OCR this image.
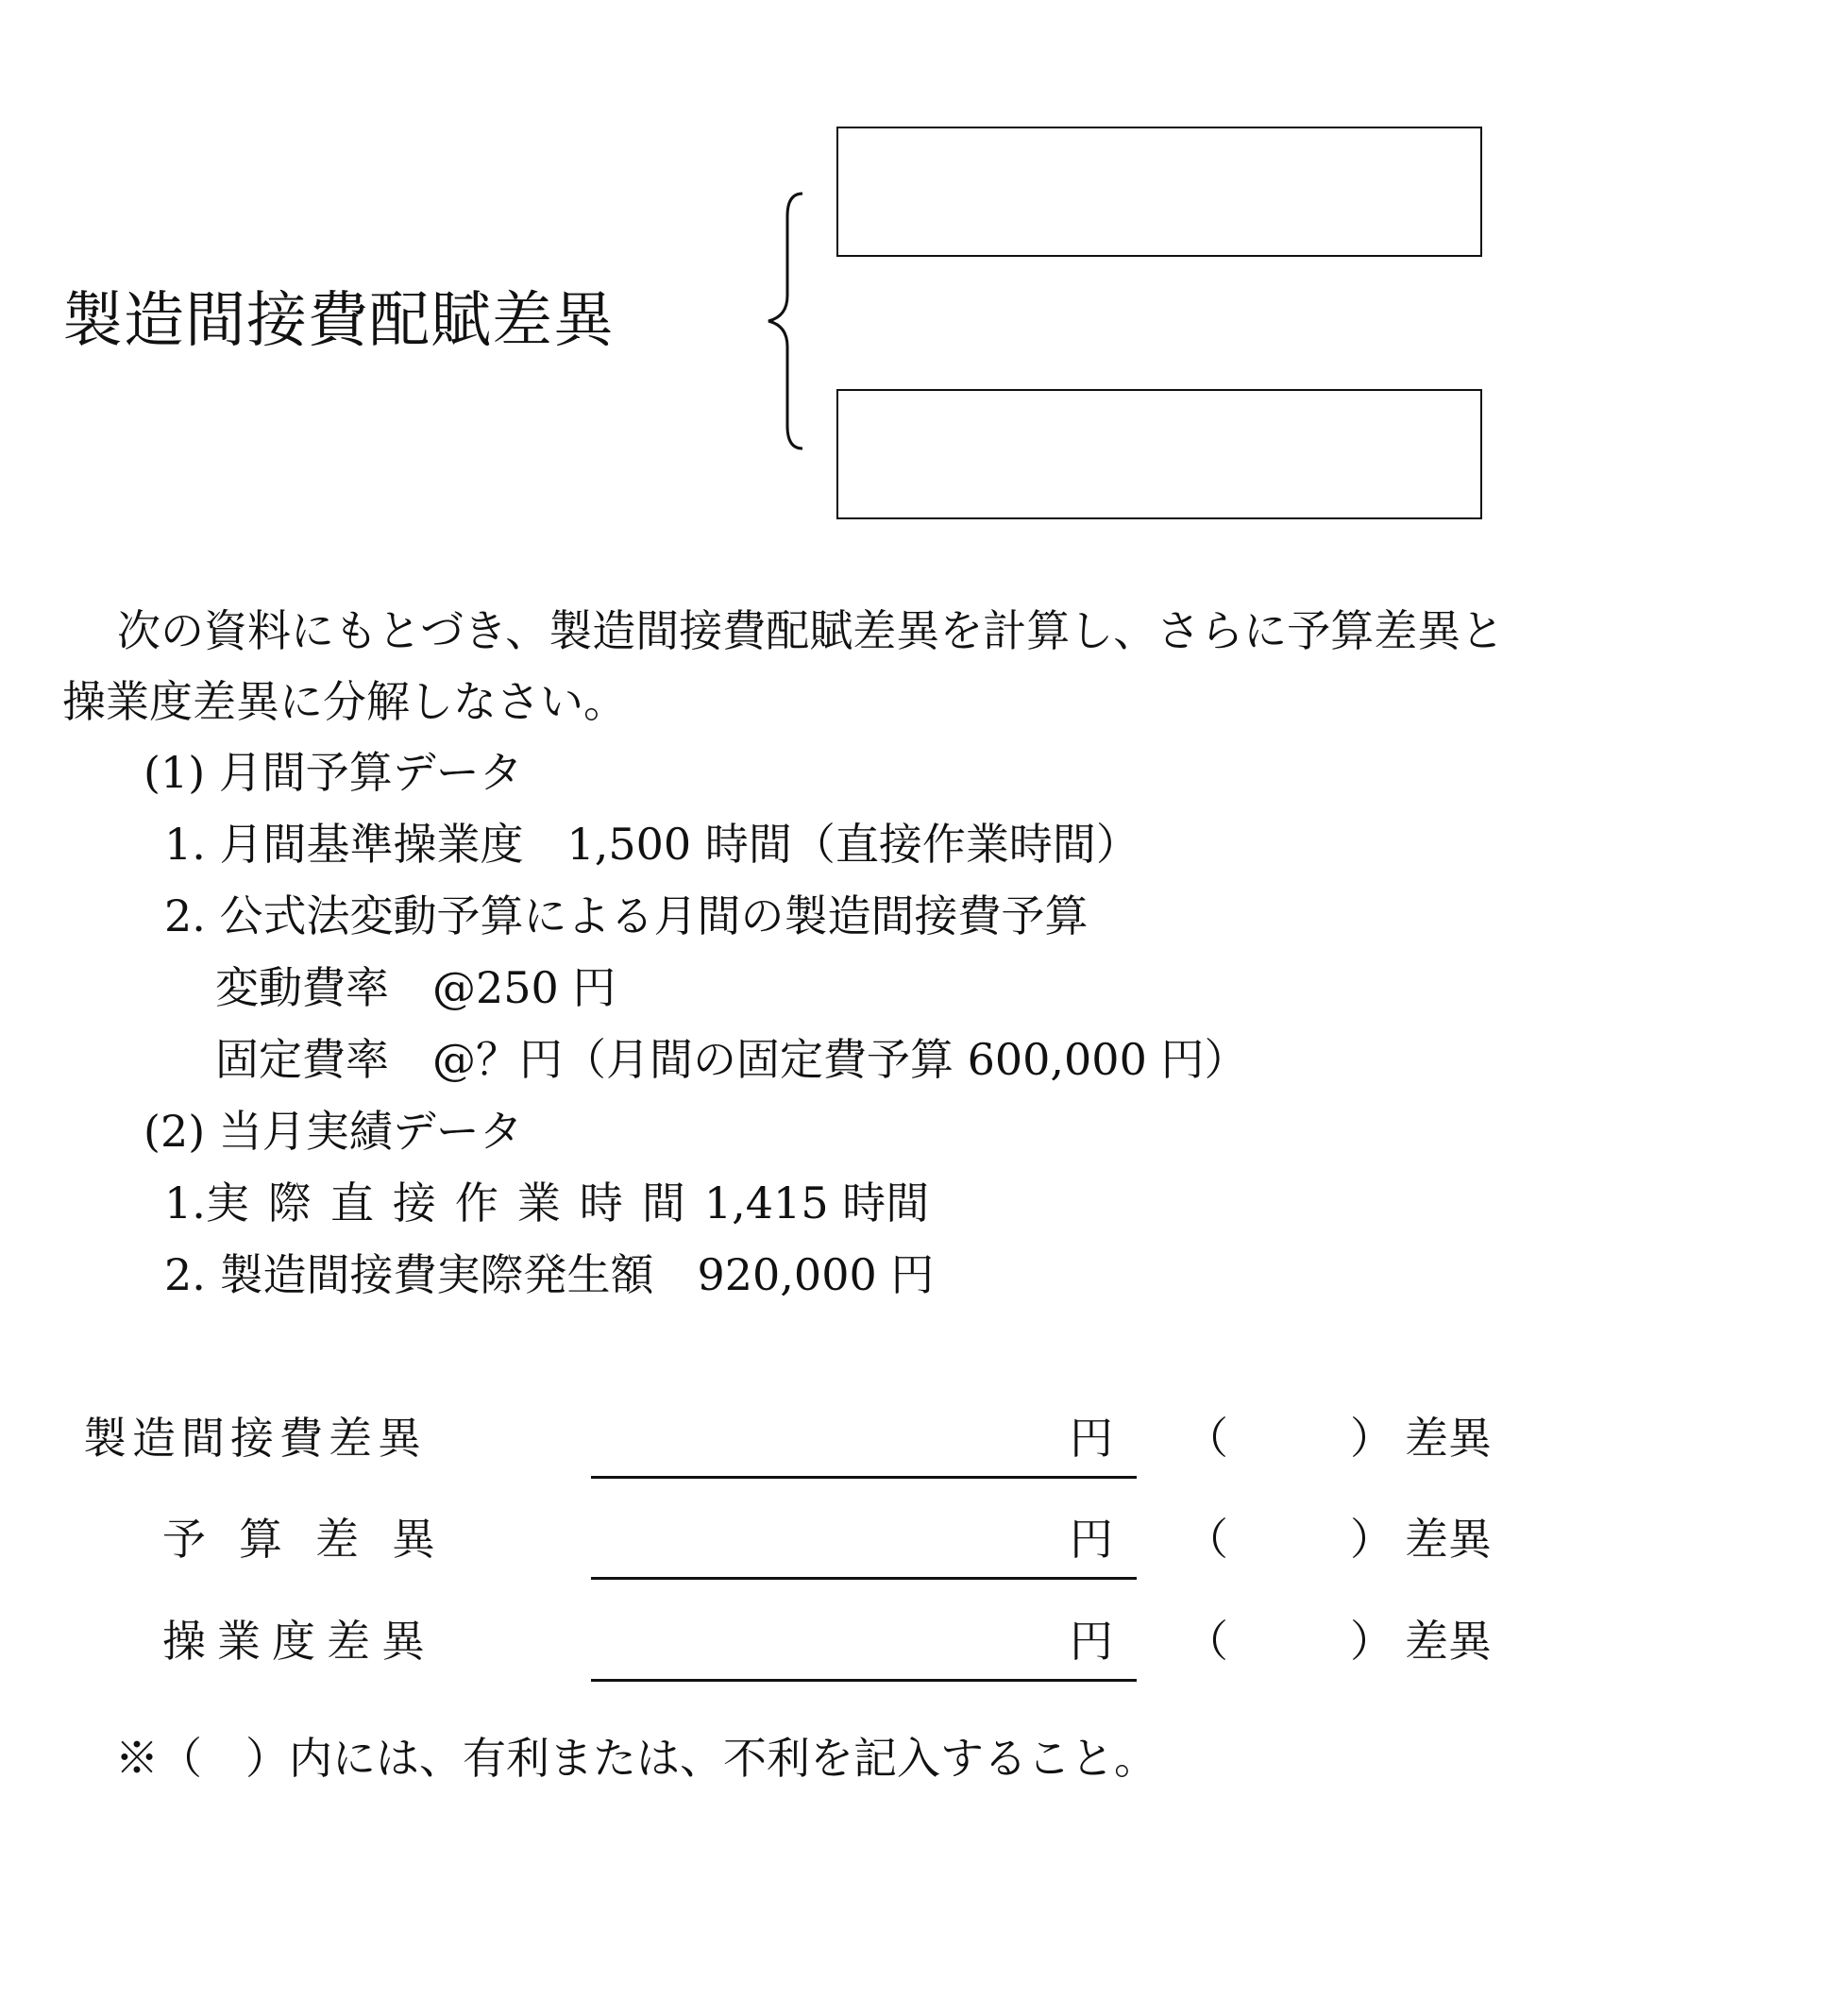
製造間接費配賦差異
次の資料にもとづき、製造間接費配賦差異を計算し、さらに予算差異と
操業度差異に分解しなさい。
(1) 月間予算データ
1. 月間基準操業度　1,500 時間（直接作業時間）
2. 公式法変動予算による月間の製造間接費予算
変動費率　@250 円
固定費率　@？円（月間の固定費予算 600,000 円）
(2) 当月実績データ
1.実際直接作業時間1,415 時間
2. 製造間接費実際発生額　920,000 円
製造間接費差異	円 （	） 差異
予算差異	円 （	） 差異
操業度差異	円 （	） 差異
※（　）内には、有利または、不利を記入すること。
